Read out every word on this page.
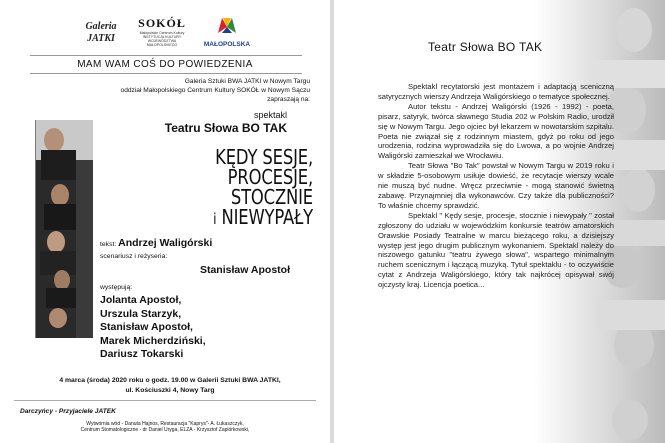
Galeria
JATKI
SOKÓŁ
Małopolskie Centrum Kultury INSTYTUCJA KULTURY WOJEWÓDZTWA MAŁOPOLSKIEGO	MAŁOPOLSKA
MAM WAM COŚ DO POWIEDZENIA
Galeria Sztuki BWA JATKI w Nowym Targu
oddział Małopolskiego Centrum Kultury SOKÓŁ w Nowym Sączu
zapraszają na:
spektakl
Teatru Słowa BO TAK
KĘDY SESJE,
PROCESJE,
STOCZNIE
i NIEWYPAŁY
tekst: Andrzej Waligórski
scenariusz i reżyseria:
Stanisław Apostoł
występują:
Jolanta Apostoł,
Urszula Starzyk,
Stanisław Apostoł,
Marek Micherdziński,
Dariusz Tokarski
4 marca (środa) 2020 roku o godz. 19.00 w Galerii Sztuki BWA JATKI,
ul. Kościuszki 4, Nowy Targ
Darczyńcy - Przyjaciele JATEK
Wytwórnia wód - Danuta Hajnos, Restauracja "Kaprys"- A. Łukaszczyk,
Centrum Stomatologiczne - dr Daniel Uryga, ELZA - Krzysztof Zapiórkowski,
Teatr Słowa BO TAK

Spektakl recytatorski jest montażem i adaptacją sceniczną satyrycznych wierszy Andrzeja Waligórskiego o tematyce społecznej.

Autor tekstu - Andrzej Waligórski (1926 - 1992) - poeta, pisarz, satyryk, twórca sławnego Studia 202 w Polskim Radio, urodził się w Nowym Targu. Jego ojciec był lekarzem w nowotarskim szpitalu. Poeta nie związał się z rodzinnym miastem, gdyż po roku od jego urodzenia, rodzina wyprowadziła się do Lwowa, a po wojnie Andrzej Waligórski zamieszkał we Wrocławiu.

Teatr Słowa "Bo Tak" powstał w Nowym Targu w 2019 roku i w składzie 5-osobowym usiłuje dowieść, że recytacje wierszy wcale nie muszą być nudne. Wręcz przeciwnie - mogą stanowić świetną zabawę. Przynajmniej dla wykonawców. Czy także dla publiczności? To właśnie chcemy sprawdzić.

Spektakl " Kędy sesje, procesje, stocznie i niewypały " został zgłoszony do udziału w wojewódzkim konkursie teatrów amatorskich Orawskie Posiady Teatralne w marcu bieżącego roku, a dzisiejszy występ jest jego drugim publicznym wykonaniem. Spektakl należy do niszowego gatunku "teatru żywego słowa", wspartego minimalnym ruchem scenicznym i łączącą muzyką. Tytuł spektaklu - to oczywiście cytat z Andrzeja Waligórskiego, który tak najkrócej opisywał swój ojczysty kraj. Licencja poetica...
